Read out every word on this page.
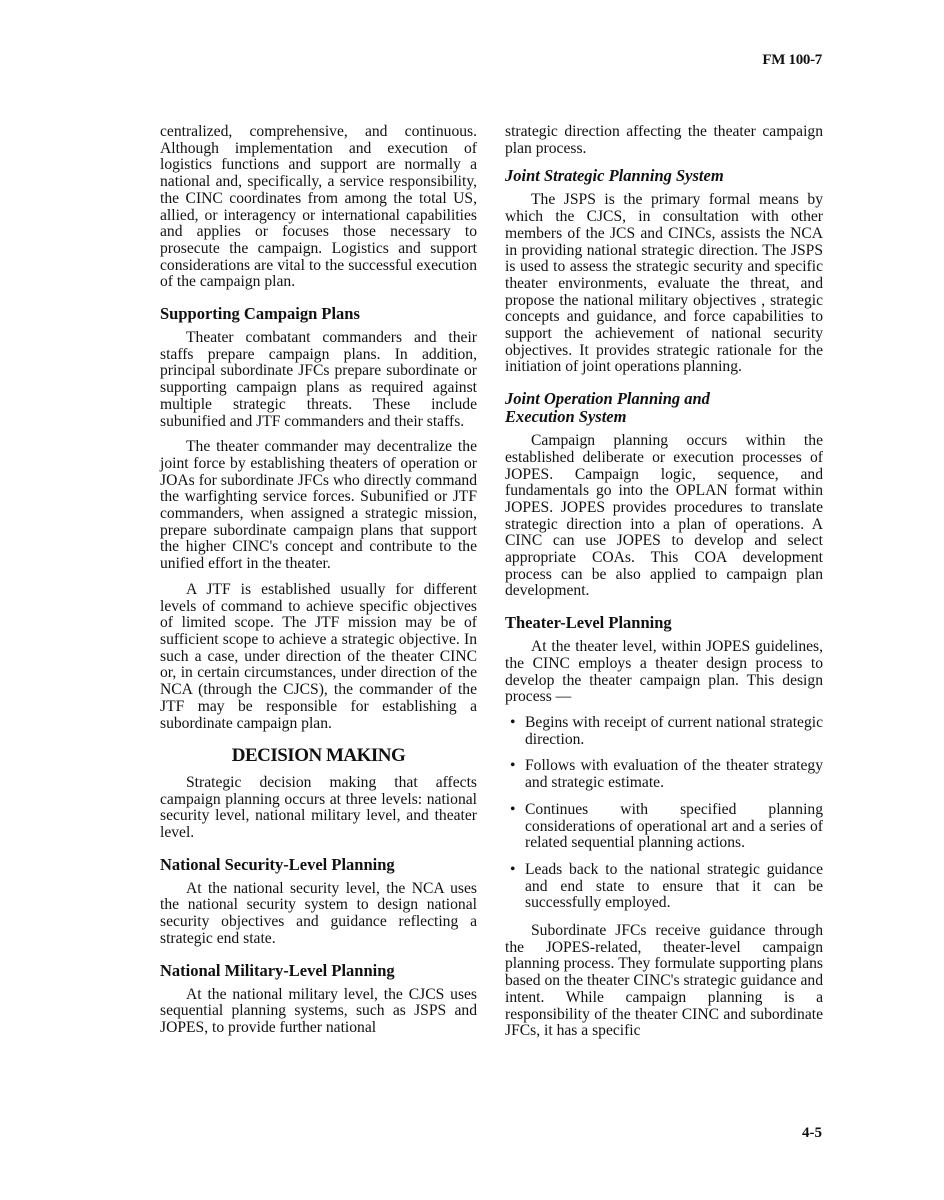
FM 100-7

centralized, comprehensive, and continuous. Although implementation and execution of logistics functions and support are normally a national and, specifically, a service responsibility, the CINC coordinates from among the total US, allied, or interagency or international capabilities and applies or focuses those necessary to prosecute the campaign. Logistics and support considerations are vital to the successful execution of the campaign plan.

Supporting Campaign Plans

Theater combatant commanders and their staffs prepare campaign plans. In addition, principal subordinate JFCs prepare subordinate or supporting campaign plans as required against multiple strategic threats. These include subunified and JTF commanders and their staffs.

The theater commander may decentralize the joint force by establishing theaters of operation or JOAs for subordinate JFCs who directly command the warfighting service forces. Subunified or JTF commanders, when assigned a strategic mission, prepare subordinate campaign plans that support the higher CINC's concept and contribute to the unified effort in the theater.

A JTF is established usually for different levels of command to achieve specific objectives of limited scope. The JTF mission may be of sufficient scope to achieve a strategic objective. In such a case, under direction of the theater CINC or, in certain circumstances, under direction of the NCA (through the CJCS), the commander of the JTF may be responsible for establishing a subordinate campaign plan.

DECISION MAKING

Strategic decision making that affects campaign planning occurs at three levels: national security level, national military level, and theater level.

National Security-Level Planning

At the national security level, the NCA uses the national security system to design national security objectives and guidance reflecting a strategic end state.

National Military-Level Planning

At the national military level, the CJCS uses sequential planning systems, such as JSPS and JOPES, to provide further national

strategic direction affecting the theater campaign plan process.

Joint Strategic Planning System

The JSPS is the primary formal means by which the CJCS, in consultation with other members of the JCS and CINCs, assists the NCA in providing national strategic direction. The JSPS is used to assess the strategic security and specific theater environments, evaluate the threat, and propose the national military objectives , strategic concepts and guidance, and force capabilities to support the achievement of national security objectives. It provides strategic rationale for the initiation of joint operations planning.

Joint Operation Planning and
Execution System

Campaign planning occurs within the established deliberate or execution processes of JOPES. Campaign logic, sequence, and fundamentals go into the OPLAN format within JOPES. JOPES provides procedures to translate strategic direction into a plan of operations. A CINC can use JOPES to develop and select appropriate COAs. This COA development process can be also applied to campaign plan development.

Theater-Level Planning

At the theater level, within JOPES guidelines, the CINC employs a theater design process to develop the theater campaign plan. This design process —

• Begins with receipt of current national strategic direction.
• Follows with evaluation of the theater strategy and strategic estimate.
• Continues with specified planning considerations of operational art and a series of related sequential planning actions.
• Leads back to the national strategic guidance and end state to ensure that it can be successfully employed.

Subordinate JFCs receive guidance through the JOPES-related, theater-level campaign planning process. They formulate supporting plans based on the theater CINC's strategic guidance and intent. While campaign planning is a responsibility of the theater CINC and subordinate JFCs, it has a specific

4-5
